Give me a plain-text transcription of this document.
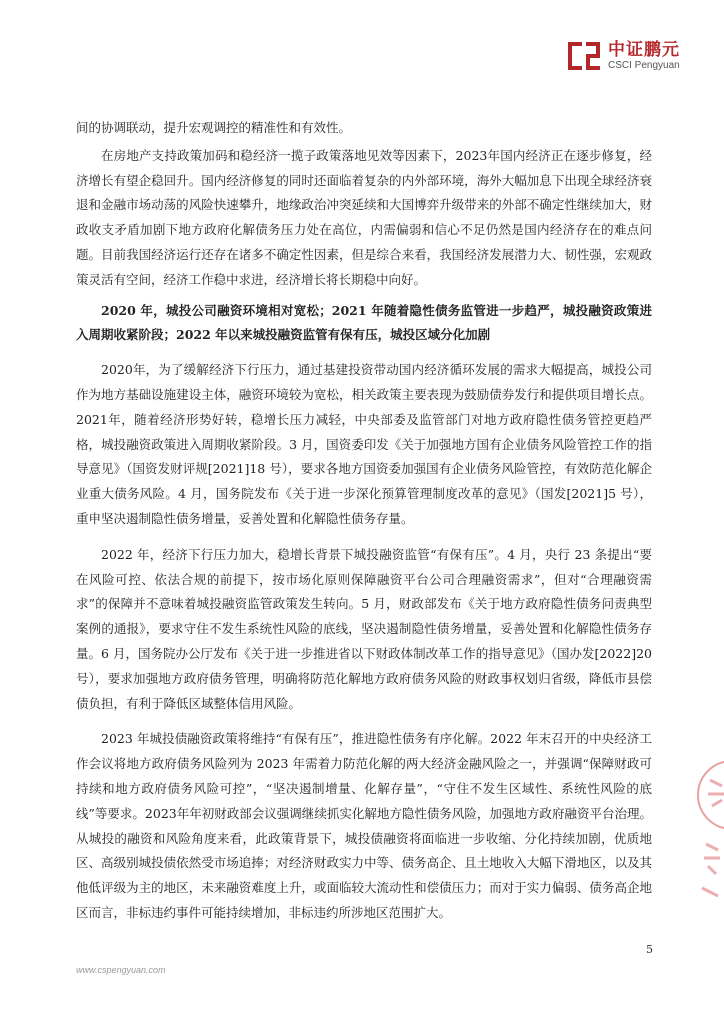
中证鹏元
CSCI Pengyuan

间的协调联动，提升宏观调控的精准性和有效性。

在房地产支持政策加码和稳经济一揽子政策落地见效等因素下，2023年国内经济正在逐步修复，经济增长有望企稳回升。国内经济修复的同时还面临着复杂的内外部环境，海外大幅加息下出现全球经济衰退和金融市场动荡的风险快速攀升，地缘政治冲突延续和大国博弈升级带来的外部不确定性继续加大，财政收支矛盾加剧下地方政府化解债务压力处在高位，内需偏弱和信心不足仍然是国内经济存在的难点问题。目前我国经济运行还存在诸多不确定性因素，但是综合来看，我国经济发展潜力大、韧性强，宏观政策灵活有空间，经济工作稳中求进，经济增长将长期稳中向好。

2020 年，城投公司融资环境相对宽松；2021 年随着隐性债务监管进一步趋严，城投融资政策进入周期收紧阶段；2022 年以来城投融资监管有保有压，城投区域分化加剧

2020年，为了缓解经济下行压力，通过基建投资带动国内经济循环发展的需求大幅提高，城投公司作为地方基础设施建设主体，融资环境较为宽松，相关政策主要表现为鼓励债券发行和提供项目增长点。2021年，随着经济形势好转，稳增长压力减轻，中央部委及监管部门对地方政府隐性债务管控更趋严格，城投融资政策进入周期收紧阶段。3 月，国资委印发《关于加强地方国有企业债务风险管控工作的指导意见》（国资发财评规[2021]18 号），要求各地方国资委加强国有企业债务风险管控，有效防范化解企业重大债务风险。4 月，国务院发布《关于进一步深化预算管理制度改革的意见》（国发[2021]5 号），重申坚决遏制隐性债务增量，妥善处置和化解隐性债务存量。

2022 年，经济下行压力加大，稳增长背景下城投融资监管“有保有压”。4 月，央行 23 条提出“要在风险可控、依法合规的前提下，按市场化原则保障融资平台公司合理融资需求”，但对“合理融资需求”的保障并不意味着城投融资监管政策发生转向。5 月，财政部发布《关于地方政府隐性债务问责典型案例的通报》，要求守住不发生系统性风险的底线，坚决遏制隐性债务增量，妥善处置和化解隐性债务存量。6 月，国务院办公厅发布《关于进一步推进省以下财政体制改革工作的指导意见》（国办发[2022]20 号），要求加强地方政府债务管理，明确将防范化解地方政府债务风险的财政事权划归省级，降低市县偿债负担，有利于降低区域整体信用风险。

2023 年城投债融资政策将维持“有保有压”，推进隐性债务有序化解。2022 年末召开的中央经济工作会议将地方政府债务风险列为 2023 年需着力防范化解的两大经济金融风险之一，并强调“保障财政可持续和地方政府债务风险可控”，“坚决遏制增量、化解存量”，“守住不发生区域性、系统性风险的底线”等要求。2023年年初财政部会议强调继续抓实化解地方隐性债务风险，加强地方政府融资平台治理。从城投的融资和风险角度来看，此政策背景下，城投债融资将面临进一步收缩、分化持续加剧，优质地区、高级别城投债依然受市场追捧；对经济财政实力中等、债务高企、且土地收入大幅下滑地区，以及其他低评级为主的地区，未来融资难度上升，或面临较大流动性和偿债压力；而对于实力偏弱、债务高企地区而言，非标违约事件可能持续增加，非标违约所涉地区范围扩大。

5
www.cspengyuan.com
